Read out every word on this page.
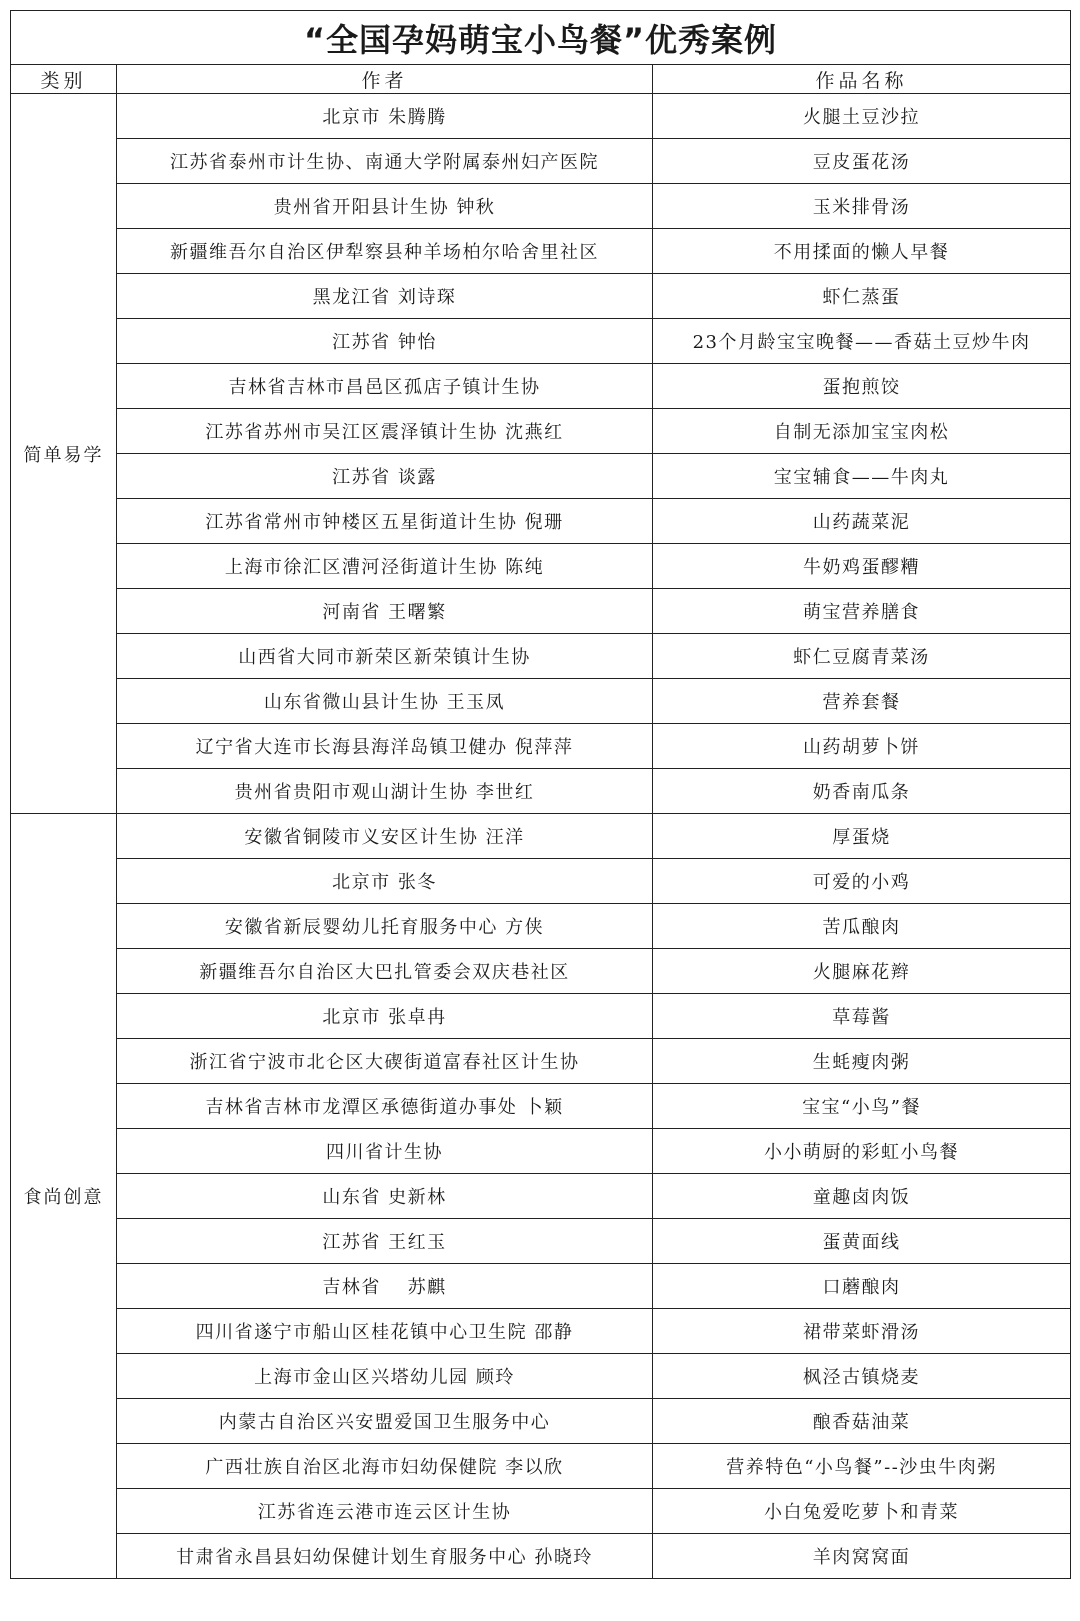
“全国孕妈萌宝小鸟餐”优秀案例		
类别	作者	作品名称
简单易学	北京市 朱腾腾	火腿土豆沙拉
	江苏省泰州市计生协、南通大学附属泰州妇产医院	豆皮蛋花汤
	贵州省开阳县计生协 钟秋	玉米排骨汤
	新疆维吾尔自治区伊犁察县种羊场柏尔哈舍里社区	不用揉面的懒人早餐
	黑龙江省 刘诗琛	虾仁蒸蛋
	江苏省 钟怡	23个月龄宝宝晚餐——香菇土豆炒牛肉
	吉林省吉林市昌邑区孤店子镇计生协	蛋抱煎饺
	江苏省苏州市吴江区震泽镇计生协 沈燕红	自制无添加宝宝肉松
	江苏省 谈露	宝宝辅食——牛肉丸
	江苏省常州市钟楼区五星街道计生协 倪珊	山药蔬菜泥
	上海市徐汇区漕河泾街道计生协 陈纯	牛奶鸡蛋醪糟
	河南省 王曙繁	萌宝营养膳食
	山西省大同市新荣区新荣镇计生协	虾仁豆腐青菜汤
	山东省微山县计生协 王玉凤	营养套餐
	辽宁省大连市长海县海洋岛镇卫健办 倪萍萍	山药胡萝卜饼
	贵州省贵阳市观山湖计生协 李世红	奶香南瓜条
食尚创意	安徽省铜陵市义安区计生协 汪洋	厚蛋烧
	北京市 张冬	可爱的小鸡
	安徽省新辰婴幼儿托育服务中心 方侠	苦瓜酿肉
	新疆维吾尔自治区大巴扎管委会双庆巷社区	火腿麻花辫
	北京市 张卓冉	草莓酱
	浙江省宁波市北仑区大碶街道富春社区计生协	生蚝瘦肉粥
	吉林省吉林市龙潭区承德街道办事处 卜颖	宝宝“小鸟”餐
	四川省计生协	小小萌厨的彩虹小鸟餐
	山东省 史新林	童趣卤肉饭
	江苏省 王红玉	蛋黄面线
	吉林省　 苏麒	口蘑酿肉
	四川省遂宁市船山区桂花镇中心卫生院 邵静	裙带菜虾滑汤
	上海市金山区兴塔幼儿园 顾玲	枫泾古镇烧麦
	内蒙古自治区兴安盟爱国卫生服务中心	酿香菇油菜
	广西壮族自治区北海市妇幼保健院 李以欣	营养特色“小鸟餐”--沙虫牛肉粥
	江苏省连云港市连云区计生协	小白兔爱吃萝卜和青菜
	甘肃省永昌县妇幼保健计划生育服务中心 孙晓玲	羊肉窝窝面
